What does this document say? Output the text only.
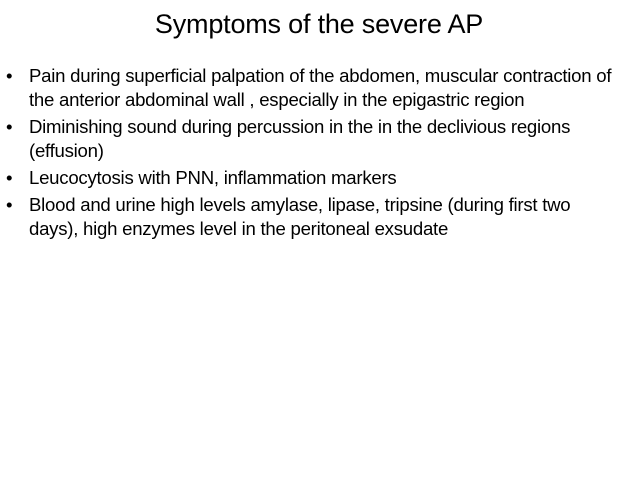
Symptoms of the severe AP
• Pain during superficial palpation of the abdomen, muscular contraction of the anterior abdominal wall , especially in the epigastric region
• Diminishing sound during percussion in the in the declivious regions (effusion)
• Leucocytosis with PNN, inflammation markers
• Blood and urine high levels amylase, lipase, tripsine (during first two days), high enzymes level in the peritoneal exsudate
